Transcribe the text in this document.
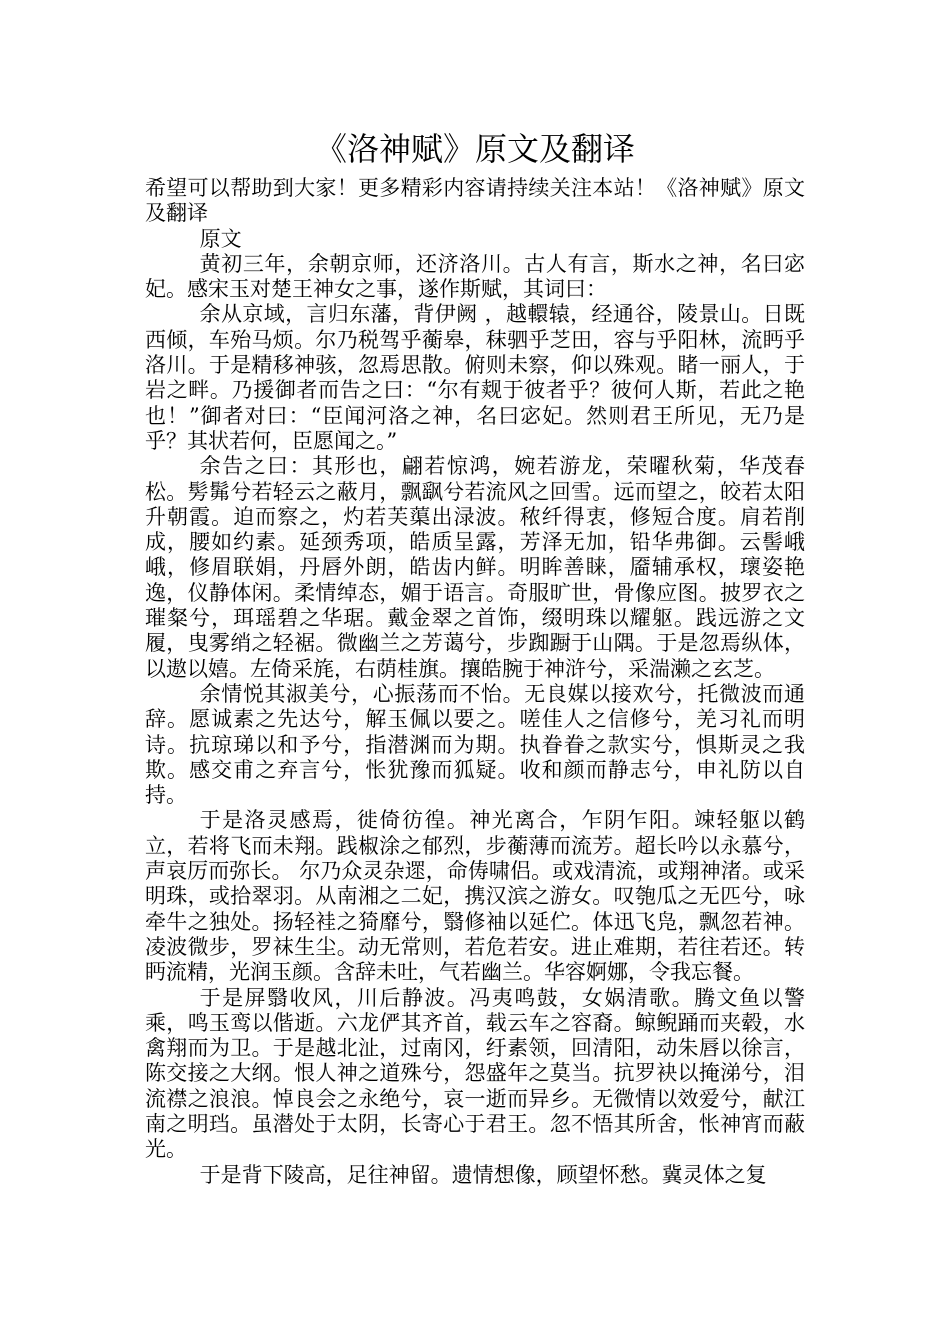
《洛神赋》原文及翻译

希望可以帮助到大家！更多精彩内容请持续关注本站！《洛神赋》原文及翻译

原文

黄初三年，余朝京师，还济洛川。古人有言，斯水之神，名曰宓妃。感宋玉对楚王神女之事，遂作斯赋，其词曰：

余从京域，言归东藩，背伊阙 ，越轘辕，经通谷，陵景山。日既西倾，车殆马烦。尔乃税驾乎蘅皋，秣驷乎芝田，容与乎阳林，流眄乎洛川。于是精移神骇，忽焉思散。俯则未察，仰以殊观。睹一丽人，于岩之畔。乃援御者而告之曰：“尔有觌于彼者乎？彼何人斯，若此之艳也！”御者对曰：“臣闻河洛之神，名曰宓妃。然则君王所见，无乃是乎？其状若何，臣愿闻之。”

余告之曰：其形也，翩若惊鸿，婉若游龙，荣曜秋菊，华茂春松。髣髴兮若轻云之蔽月，飘飖兮若流风之回雪。远而望之，皎若太阳升朝霞。迫而察之，灼若芙蕖出渌波。秾纤得衷，修短合度。肩若削成，腰如约素。延颈秀项，皓质呈露，芳泽无加，铅华弗御。云髻峨峨，修眉联娟，丹唇外朗，皓齿内鲜。明眸善睐，靥辅承权，瓌姿艳逸，仪静体闲。柔情绰态，媚于语言。奇服旷世，骨像应图。披罗衣之璀粲兮，珥瑶碧之华琚。戴金翠之首饰，缀明珠以耀躯。践远游之文履，曳雾绡之轻裾。微幽兰之芳蔼兮，步踟蹰于山隅。于是忽焉纵体，以遨以嬉。左倚采旄，右荫桂旗。攘皓腕于神浒兮，采湍濑之玄芝。

余情悦其淑美兮，心振荡而不怡。无良媒以接欢兮，托微波而通辞。愿诚素之先达兮，解玉佩以要之。嗟佳人之信修兮，羌习礼而明诗。抗琼珶以和予兮，指潜渊而为期。执眷眷之款实兮，惧斯灵之我欺。感交甫之弃言兮，怅犹豫而狐疑。收和颜而静志兮，申礼防以自持。

于是洛灵感焉，徙倚彷徨。神光离合，乍阴乍阳。竦轻躯以鹤立，若将飞而未翔。践椒涂之郁烈，步蘅薄而流芳。超长吟以永慕兮，声哀厉而弥长。 尔乃众灵杂遝，命俦啸侣。或戏清流，或翔神渚。或采明珠，或拾翠羽。从南湘之二妃，携汉滨之游女。叹匏瓜之无匹兮，咏牵牛之独处。扬轻袿之猗靡兮，翳修袖以延伫。体迅飞凫，飘忽若神。凌波微步，罗袜生尘。动无常则，若危若安。进止难期，若往若还。转眄流精，光润玉颜。含辞未吐，气若幽兰。华容婀娜，令我忘餐。

于是屏翳收风，川后静波。冯夷鸣鼓，女娲清歌。腾文鱼以警乘，鸣玉鸾以偕逝。六龙俨其齐首，载云车之容裔。鲸鲵踊而夹毂，水禽翔而为卫。于是越北沚，过南冈，纡素领，回清阳，动朱唇以徐言，陈交接之大纲。恨人神之道殊兮，怨盛年之莫当。抗罗袂以掩涕兮，泪流襟之浪浪。悼良会之永绝兮，哀一逝而异乡。无微情以效爱兮，献江南之明珰。虽潜处于太阴，长寄心于君王。忽不悟其所舍，怅神宵而蔽光。

于是背下陵高，足往神留。遗情想像，顾望怀愁。冀灵体之复
